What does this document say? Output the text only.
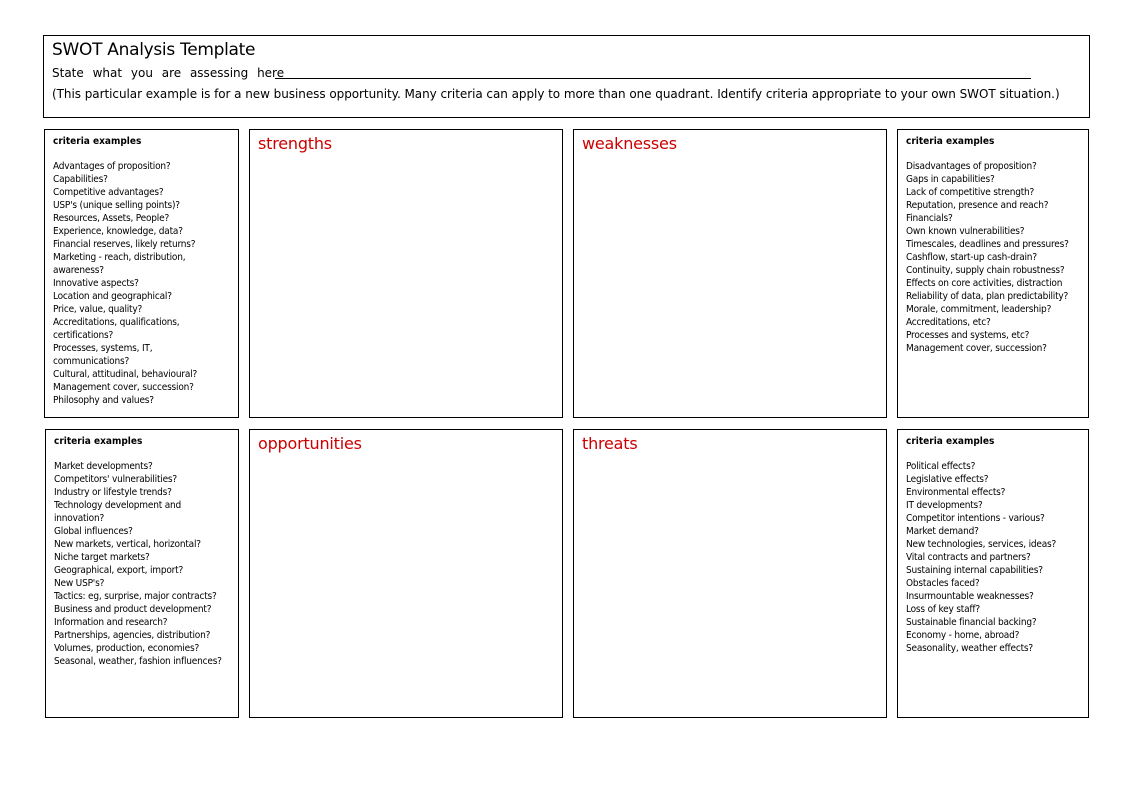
SWOT Analysis Template
State what you are assessing here
(This particular example is for a new business opportunity. Many criteria can apply to more than one quadrant. Identify criteria appropriate to your own SWOT situation.)
criteria examples
Advantages of proposition?
Capabilities?
Competitive advantages?
USP's (unique selling points)?
Resources, Assets, People?
Experience, knowledge, data?
Financial reserves, likely returns?
Marketing - reach, distribution, awareness?
Innovative aspects?
Location and geographical?
Price, value, quality?
Accreditations, qualifications, certifications?
Processes, systems, IT, communications?
Cultural, attitudinal, behavioural?
Management cover, succession?
Philosophy and values?
strengths	weaknesses	criteria examples
Disadvantages of proposition?
Gaps in capabilities?
Lack of competitive strength?
Reputation, presence and reach?
Financials?
Own known vulnerabilities?
Timescales, deadlines and pressures?
Cashflow, start-up cash-drain?
Continuity, supply chain robustness?
Effects on core activities, distraction
Reliability of data, plan predictability?
Morale, commitment, leadership?
Accreditations, etc?
Processes and systems, etc?
Management cover, succession?
criteria examples
Market developments?
Competitors' vulnerabilities?
Industry or lifestyle trends?
Technology development and innovation?
Global influences?
New markets, vertical, horizontal?
Niche target markets?
Geographical, export, import?
New USP's?
Tactics: eg, surprise, major contracts?
Business and product development?
Information and research?
Partnerships, agencies, distribution?
Volumes, production, economies?
Seasonal, weather, fashion influences?
opportunities	threats	criteria examples
Political effects?
Legislative effects?
Environmental effects?
IT developments?
Competitor intentions - various?
Market demand?
New technologies, services, ideas?
Vital contracts and partners?
Sustaining internal capabilities?
Obstacles faced?
Insurmountable weaknesses?
Loss of key staff?
Sustainable financial backing?
Economy - home, abroad?
Seasonality, weather effects?
